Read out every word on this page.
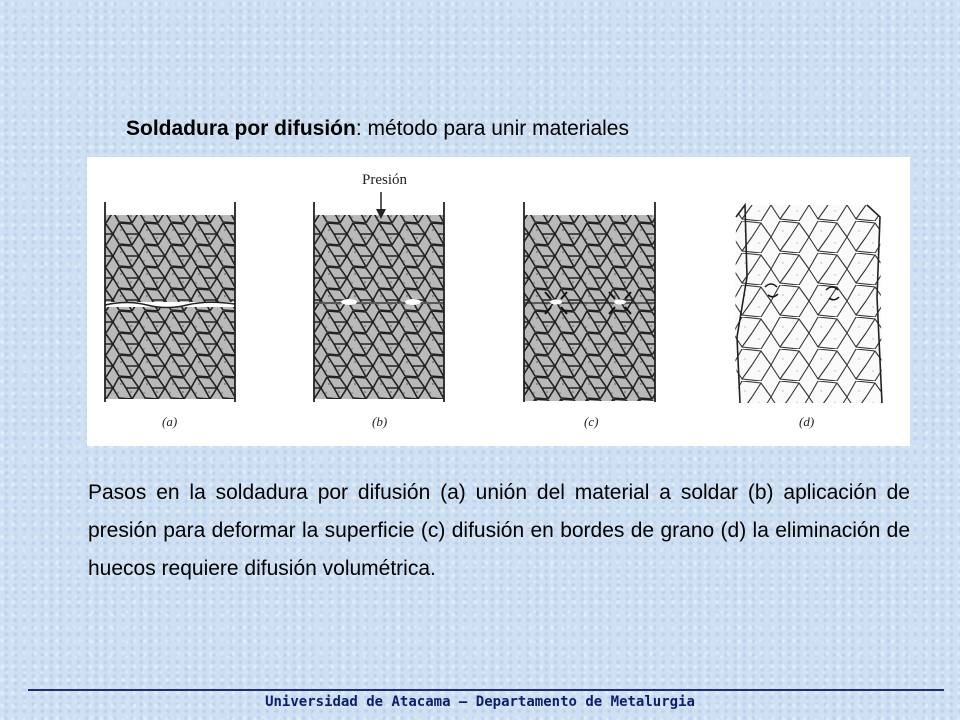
Soldadura por difusión: método para unir materiales
Presión
(a)	(b)	(c)	(d)
Pasos en la soldadura por difusión (a) unión del material a soldar (b) aplicación de presión para deformar la superficie (c) difusión en bordes de grano (d) la eliminación de huecos requiere difusión volumétrica.
Universidad de Atacama – Departamento de Metalurgia
